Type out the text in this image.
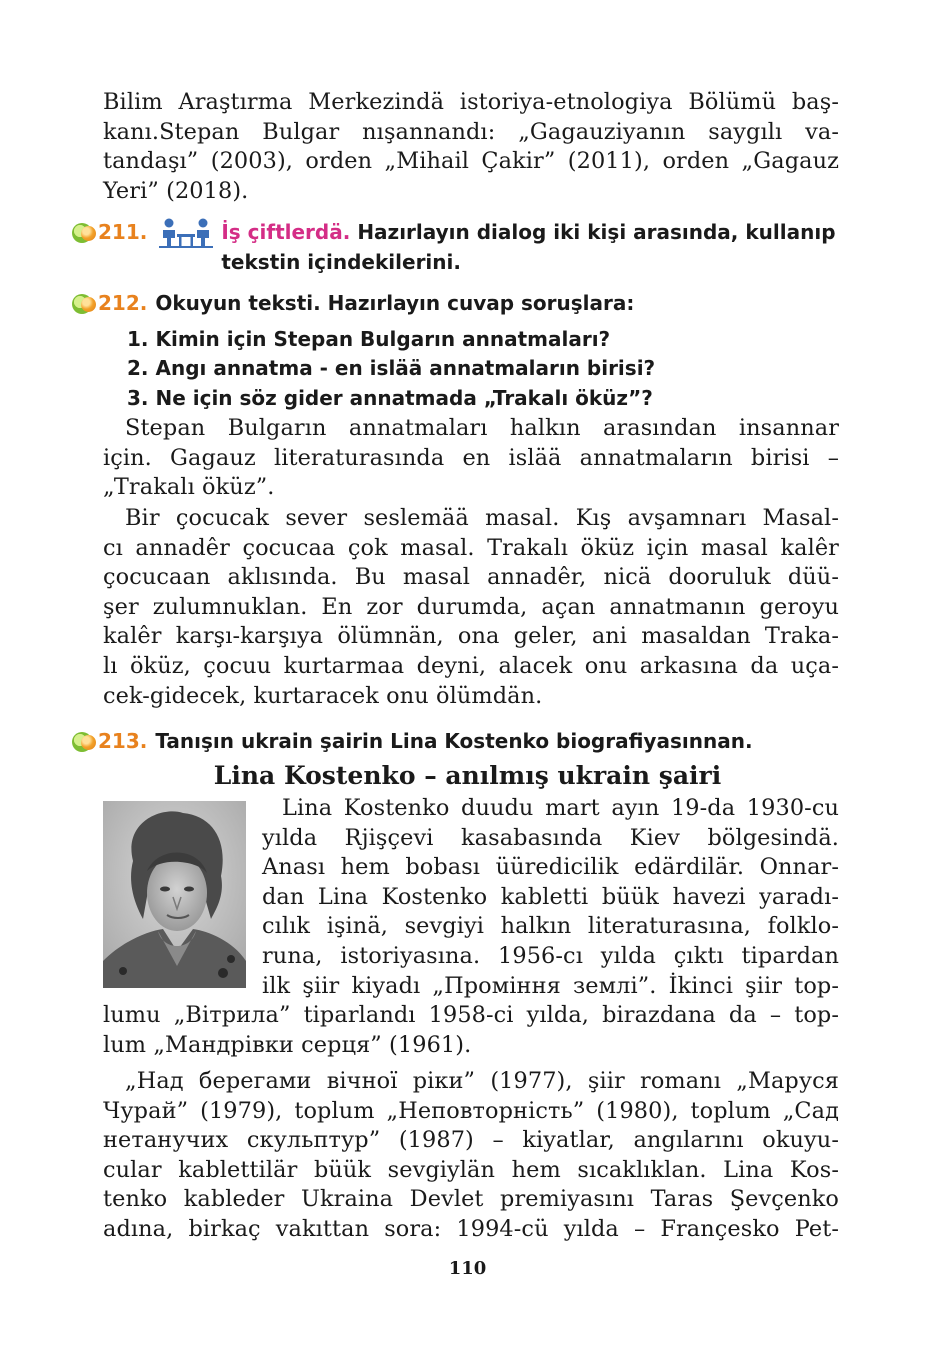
Bilim Araştırma Merkezindä istoriya-etnologiya Bölümü baş-
kanı.Stepan Bulgar nışannandı: „Gagauziyanın saygılı va-
tandaşı” (2003), orden „Mihail Çakir” (2011), orden „Gagauz
Yeri” (2018).
211.	İş çiftlerdä. Hazırlayın dialog iki kişi arasında, kullanıp
tekstin içindekilerini.
212. Okuyun teksti. Hazırlayın cuvap soruşlara:
1. Kimin için Stepan Bulgarın annatmaları?
2. Angı annatma - en islää annatmaların birisi?
3. Ne için söz gider annatmada „Trakalı öküz”?
Stepan Bulgarın annatmaları halkın arasından insannar
için. Gagauz literaturasında en islää annatmaların birisi –
„Trakalı öküz”.
Bir çocucak sever seslemää masal. Kış avşamnarı Masal-
cı annadêr çocucaa çok masal. Trakalı öküz için masal kalêr
çocucaan aklısında. Bu masal annadêr, nicä dooruluk düü-
şer zulumnuklan. En zor durumda, açan annatmanın geroyu
kalêr karşı-karşıya ölümnän, ona geler, ani masaldan Traka-
lı öküz, çocuu kurtarmaa deyni, alacek onu arkasına da uça-
cek-gidecek, kurtaracek onu ölümdän.
213. Tanışın ukrain şairin Lina Kostenko biografiyasınnan.
Lina Kostenko – anılmış ukrain şairi
Lina Kostenko duudu mart ayın 19-da 1930-cu
yılda Rjişçevi kasabasında Kiev bölgesindä.
Anası hem bobası üüredicilik edärdilär. Onnar-
dan Lina Kostenko kabletti büük havezi yaradı-
cılık işinä, sevgiyi halkın literaturasına, folklo-
runa, istoriyasına. 1956-cı yılda çıktı tipardan
ilk şiir kiyadı „Проміння землі”. İkinci şiir top-
lumu „Вітрила” tiparlandı 1958-ci yılda, birazdana da – top-
lum „Мандрівки серця” (1961).
„Над берегами вічної ріки” (1977), şiir romanı „Маруся
Чурай” (1979), toplum „Неповторність” (1980), toplum „Сад
нетанучих скульптур” (1987) – kiyatlar, angılarını okuyu-
cular kablettilär büük sevgiylän hem sıcaklıklan. Lina Kos-
tenko kableder Ukraina Devlet premiyasını Taras Şevçenko
adına, birkaç vakıttan sora: 1994-cü yılda – Françesko Pet-
110
